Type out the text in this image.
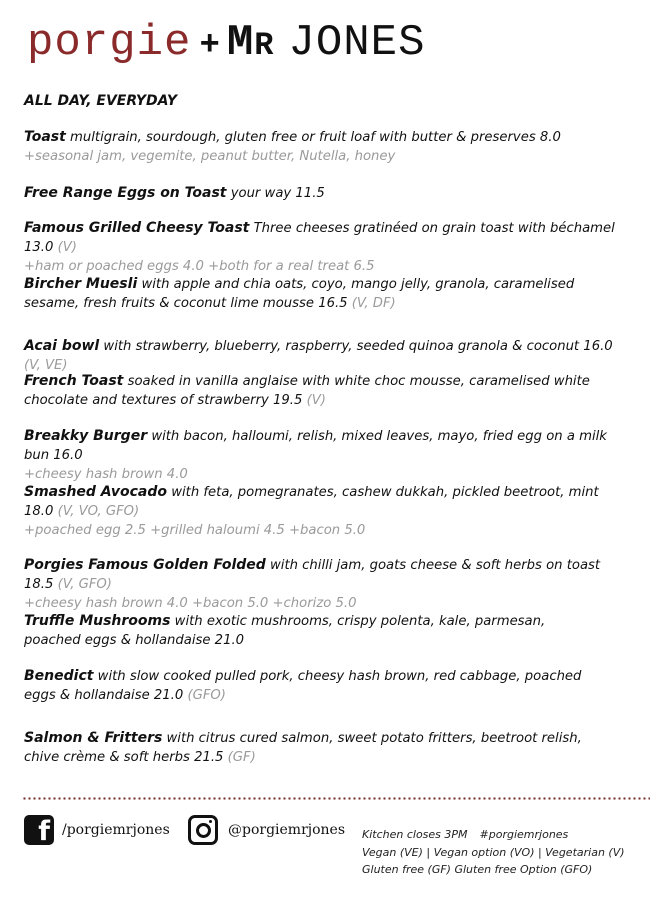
porgie + MR JONES
ALL DAY, EVERYDAY
Toast multigrain, sourdough, gluten free or fruit loaf with butter & preserves 8.0
+seasonal jam, vegemite, peanut butter, Nutella, honey
Free Range Eggs on Toast your way 11.5
Famous Grilled Cheesy Toast Three cheeses gratinéed on grain toast with béchamel 13.0 (V)
+ham or poached eggs 4.0 +both for a real treat 6.5
Bircher Muesli with apple and chia oats, coyo, mango jelly, granola, caramelised sesame, fresh fruits & coconut lime mousse 16.5 (V, DF)
Acai bowl with strawberry, blueberry, raspberry, seeded quinoa granola & coconut 16.0 (V, VE)
French Toast soaked in vanilla anglaise with white choc mousse, caramelised white chocolate and textures of strawberry 19.5 (V)
Breakky Burger with bacon, halloumi, relish, mixed leaves, mayo, fried egg on a milk bun 16.0
+cheesy hash brown 4.0
Smashed Avocado with feta, pomegranates, cashew dukkah, pickled beetroot, mint 18.0 (V, VO, GFO)
+poached egg 2.5 +grilled haloumi 4.5 +bacon 5.0
Porgies Famous Golden Folded with chilli jam, goats cheese & soft herbs on toast 18.5 (V, GFO)
+cheesy hash brown 4.0 +bacon 5.0 +chorizo 5.0
Truffle Mushrooms with exotic mushrooms, crispy polenta, kale, parmesan, poached eggs & hollandaise 21.0
Benedict with slow cooked pulled pork, cheesy hash brown, red cabbage, poached eggs & hollandaise 21.0 (GFO)
Salmon & Fritters with citrus cured salmon, sweet potato fritters, beetroot relish, chive crème & soft herbs 21.5 (GF)
f /porgiemrjones	@porgiemrjones Kitchen closes 3PM #porgiemrjones
Vegan (VE) | Vegan option (VO) | Vegetarian (V)
Gluten free (GF) Gluten free Option (GFO)
